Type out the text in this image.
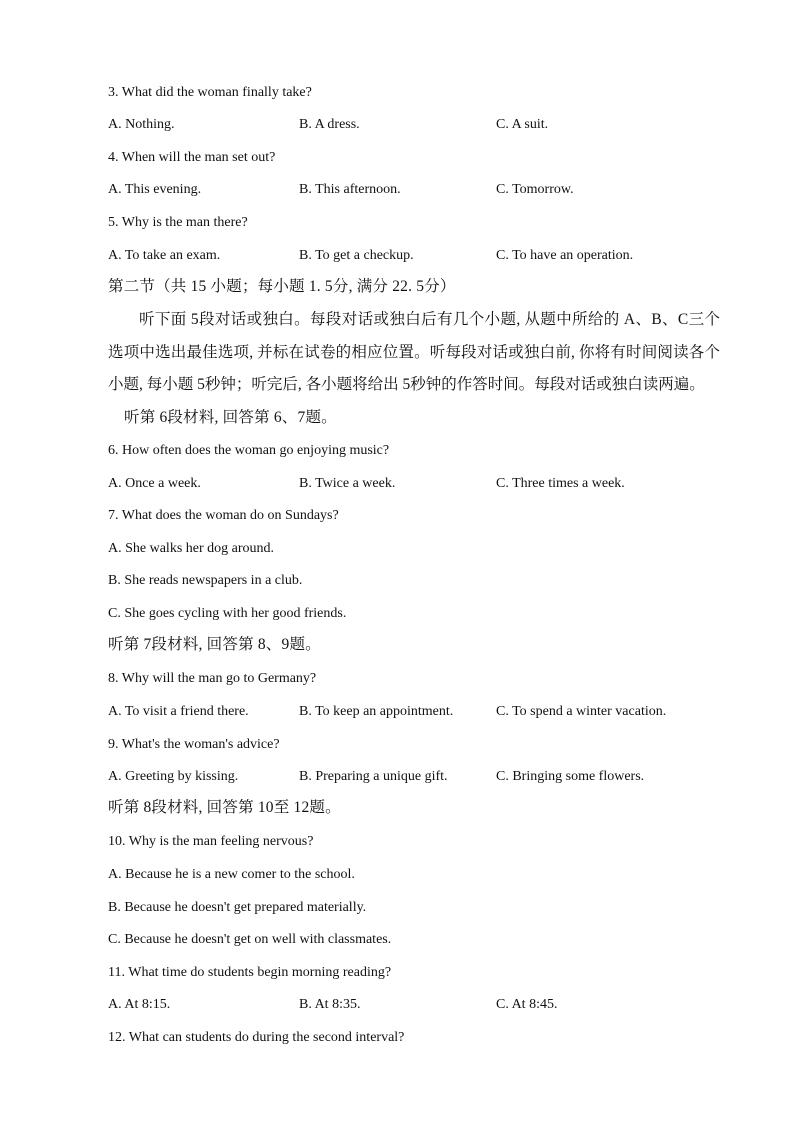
3. What did the woman finally take?
A. Nothing.	B. A dress.	C. A suit.
4. When will the man set out?
A. This evening.	B. This afternoon.	C. Tomorrow.
5. Why is the man there?
A. To take an exam.	B. To get a checkup.	C. To have an operation.
第二节（共 15 小题；每小题 1. 5分, 满分 22. 5分）
听下面 5段对话或独白。每段对话或独白后有几个小题, 从题中所给的 A、B、C三个选项中选出最佳选项, 并标在试卷的相应位置。听每段对话或独白前, 你将有时间阅读各个小题, 每小题 5秒钟；听完后, 各小题将给出 5秒钟的作答时间。每段对话或独白读两遍。
听第 6段材料, 回答第 6、7题。
6. How often does the woman go enjoying music?
A. Once a week.	B. Twice a week.	C. Three times a week.
7. What does the woman do on Sundays?
A. She walks her dog around.
B. She reads newspapers in a club.
C. She goes cycling with her good friends.
听第 7段材料, 回答第 8、9题。
8. Why will the man go to Germany?
A. To visit a friend there.	B. To keep an appointment.	C. To spend a winter vacation.
9. What's the woman's advice?
A. Greeting by kissing.	B. Preparing a unique gift.	C. Bringing some flowers.
听第 8段材料, 回答第 10至 12题。
10. Why is the man feeling nervous?
A. Because he is a new comer to the school.
B. Because he doesn't get prepared materially.
C. Because he doesn't get on well with classmates.
11. What time do students begin morning reading?
A. At 8:15.	B. At 8:35.	C. At 8:45.
12. What can students do during the second interval?
